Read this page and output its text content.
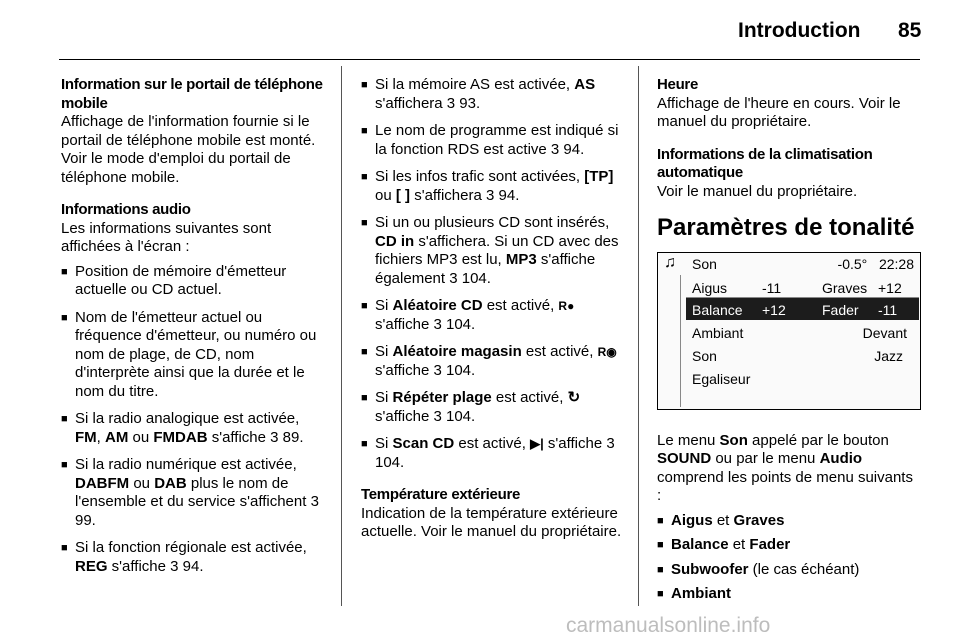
Introduction 85
Information sur le portail de téléphone mobile

Affichage de l'information fournie si le portail de téléphone mobile est monté. Voir le mode d'emploi du portail de téléphone mobile.

Informations audio

Les informations suivantes sont affichées à l'écran :

■ Position de mémoire d'émetteur actuelle ou CD actuel.
■ Nom de l'émetteur actuel ou fréquence d'émetteur, ou numéro ou nom de plage, de CD, nom d'interprète ainsi que la durée et le nom du titre.
■ Si la radio analogique est activée, FM, AM ou FMDAB s'affiche 3 89.
■ Si la radio numérique est activée, DABFM ou DAB plus le nom de l'ensemble et du service s'affichent 3 99.
■ Si la fonction régionale est activée, REG s'affiche 3 94.
■ Si la mémoire AS est activée, AS s'affichera 3 93.
■ Le nom de programme est indiqué si la fonction RDS est active 3 94.
■ Si les infos trafic sont activées, [TP] ou [ ] s'affichera 3 94.
■ Si un ou plusieurs CD sont insérés, CD in s'affichera. Si un CD avec des fichiers MP3 est lu, MP3 s'affiche également 3 104.
■ Si Aléatoire CD est activé, R● s'affiche 3 104.
■ Si Aléatoire magasin est activé, R◉ s'affiche 3 104.
■ Si Répéter plage est activé, ↻ s'affiche 3 104.
■ Si Scan CD est activé, ▶| s'affiche 3 104.
Température extérieure

Indication de la température extérieure actuelle. Voir le manuel du propriétaire.

Heure

Affichage de l'heure en cours. Voir le manuel du propriétaire.

Informations de la climatisation automatique

Voir le manuel du propriétaire.

Paramètres de tonalité
♫ Son	-0.5° 22:28
Aigus -11	Graves +12
Balance +12	Fader -11
Ambiant	Devant
Son	Jazz
Egaliseur

Le menu Son appelé par le bouton SOUND ou par le menu Audio comprend les points de menu suivants :

■ Aigus et Graves
■ Balance et Fader
■ Subwoofer (le cas échéant)
■ Ambiant
carmanualsonline.info
